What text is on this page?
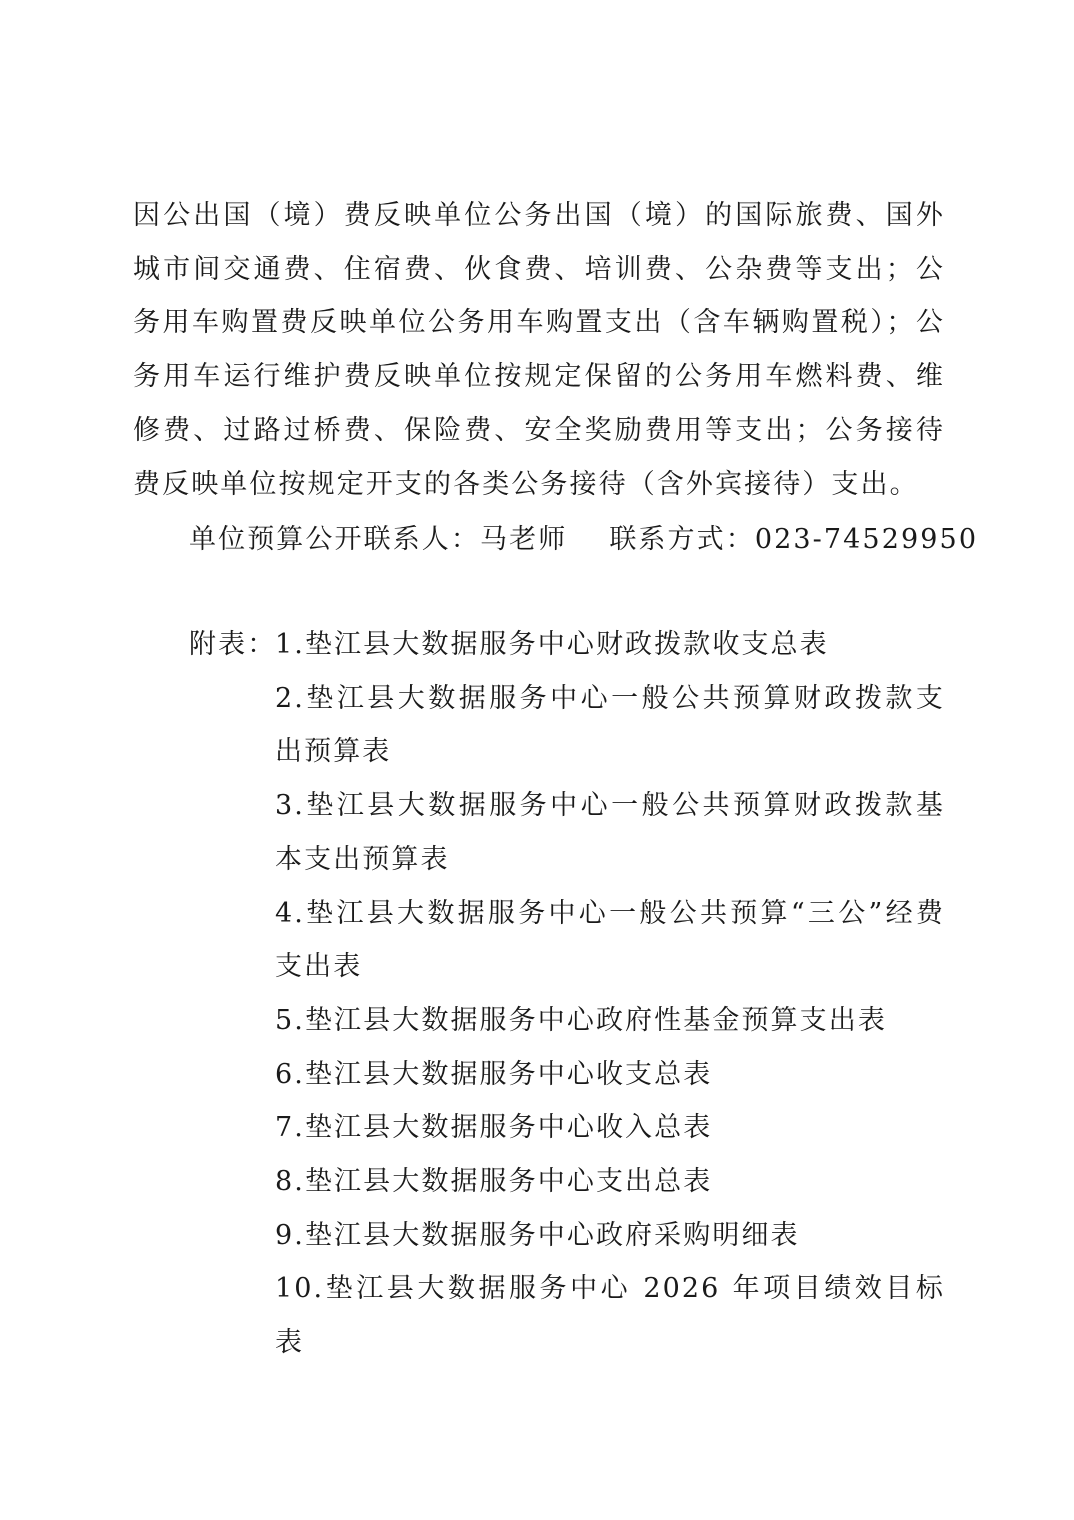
因公出国（境）费反映单位公务出国（境）的国际旅费、国外城市间交通费、住宿费、伙食费、培训费、公杂费等支出；公务用车购置费反映单位公务用车购置支出（含车辆购置税）；公务用车运行维护费反映单位按规定保留的公务用车燃料费、维修费、过路过桥费、保险费、安全奖励费用等支出；公务接待费反映单位按规定开支的各类公务接待（含外宾接待）支出。

单位预算公开联系人：马老师 联系方式：023-74529950
附表：
1.垫江县大数据服务中心财政拨款收支总表
2.垫江县大数据服务中心一般公共预算财政拨款支出预算表
3.垫江县大数据服务中心一般公共预算财政拨款基本支出预算表
4.垫江县大数据服务中心一般公共预算“三公”经费支出表
5.垫江县大数据服务中心政府性基金预算支出表
6.垫江县大数据服务中心收支总表
7.垫江县大数据服务中心收入总表
8.垫江县大数据服务中心支出总表
9.垫江县大数据服务中心政府采购明细表
10.垫江县大数据服务中心 2026 年项目绩效目标表
